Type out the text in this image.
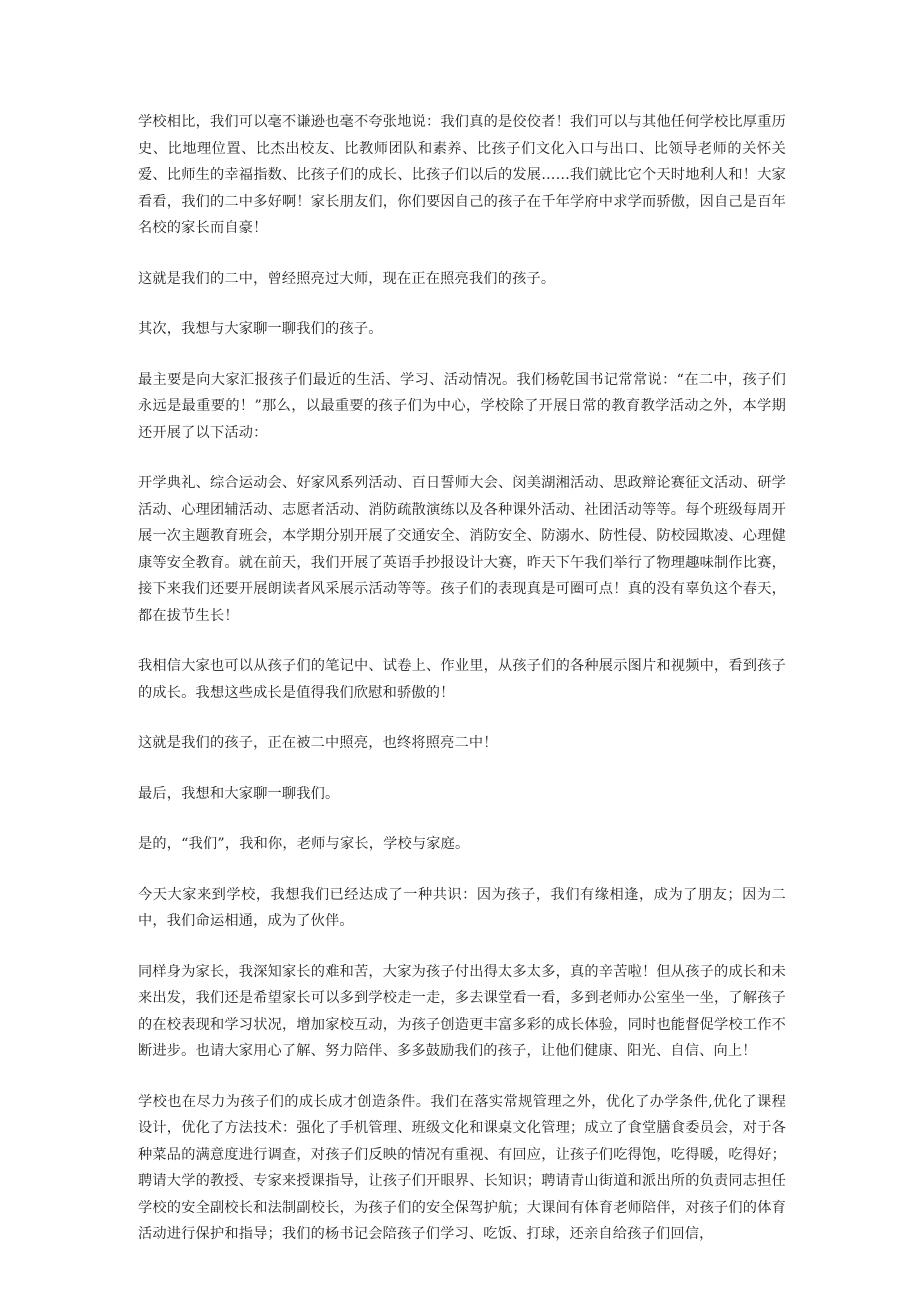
学校相比，我们可以毫不谦逊也毫不夸张地说：我们真的是佼佼者！我们可以与其他任何学校比厚重历史、比地理位置、比杰出校友、比教师团队和素养、比孩子们文化入口与出口、比领导老师的关怀关爱、比师生的幸福指数、比孩子们的成长、比孩子们以后的发展……我们就比它个天时地利人和！大家看看，我们的二中多好啊！家长朋友们，你们要因自己的孩子在千年学府中求学而骄傲，因自己是百年名校的家长而自豪！

这就是我们的二中，曾经照亮过大师，现在正在照亮我们的孩子。

其次，我想与大家聊一聊我们的孩子。

最主要是向大家汇报孩子们最近的生活、学习、活动情况。我们杨乾国书记常常说：“在二中，孩子们永远是最重要的！”那么，以最重要的孩子们为中心，学校除了开展日常的教育教学活动之外，本学期还开展了以下活动：

开学典礼、综合运动会、好家风系列活动、百日誓师大会、闵美湖湘活动、思政辩论赛征文活动、研学活动、心理团辅活动、志愿者活动、消防疏散演练以及各种课外活动、社团活动等等。每个班级每周开展一次主题教育班会，本学期分别开展了交通安全、消防安全、防溺水、防性侵、防校园欺凌、心理健康等安全教育。就在前天，我们开展了英语手抄报设计大赛，昨天下午我们举行了物理趣味制作比赛，接下来我们还要开展朗读者风采展示活动等等。孩子们的表现真是可圈可点！真的没有辜负这个春天，都在拔节生长！

我相信大家也可以从孩子们的笔记中、试卷上、作业里，从孩子们的各种展示图片和视频中，看到孩子的成长。我想这些成长是值得我们欣慰和骄傲的！

这就是我们的孩子，正在被二中照亮，也终将照亮二中！

最后，我想和大家聊一聊我们。

是的，“我们”，我和你，老师与家长，学校与家庭。

今天大家来到学校，我想我们已经达成了一种共识：因为孩子，我们有缘相逢，成为了朋友；因为二中，我们命运相通，成为了伙伴。

同样身为家长，我深知家长的难和苦，大家为孩子付出得太多太多，真的辛苦啦！但从孩子的成长和未来出发，我们还是希望家长可以多到学校走一走，多去课堂看一看，多到老师办公室坐一坐，了解孩子的在校表现和学习状况，增加家校互动，为孩子创造更丰富多彩的成长体验，同时也能督促学校工作不断进步。也请大家用心了解、努力陪伴、多多鼓励我们的孩子，让他们健康、阳光、自信、向上！

学校也在尽力为孩子们的成长成才创造条件。我们在落实常规管理之外，优化了办学条件,优化了课程设计，优化了方法技术：强化了手机管理、班级文化和课桌文化管理；成立了食堂膳食委员会，对于各种菜品的满意度进行调查，对孩子们反映的情况有重视、有回应，让孩子们吃得饱，吃得暖，吃得好；聘请大学的教授、专家来授课指导，让孩子们开眼界、长知识；聘请青山街道和派出所的负责同志担任学校的安全副校长和法制副校长，为孩子们的安全保驾护航；大课间有体育老师陪伴，对孩子们的体育活动进行保护和指导；我们的杨书记会陪孩子们学习、吃饭、打球，还亲自给孩子们回信，
